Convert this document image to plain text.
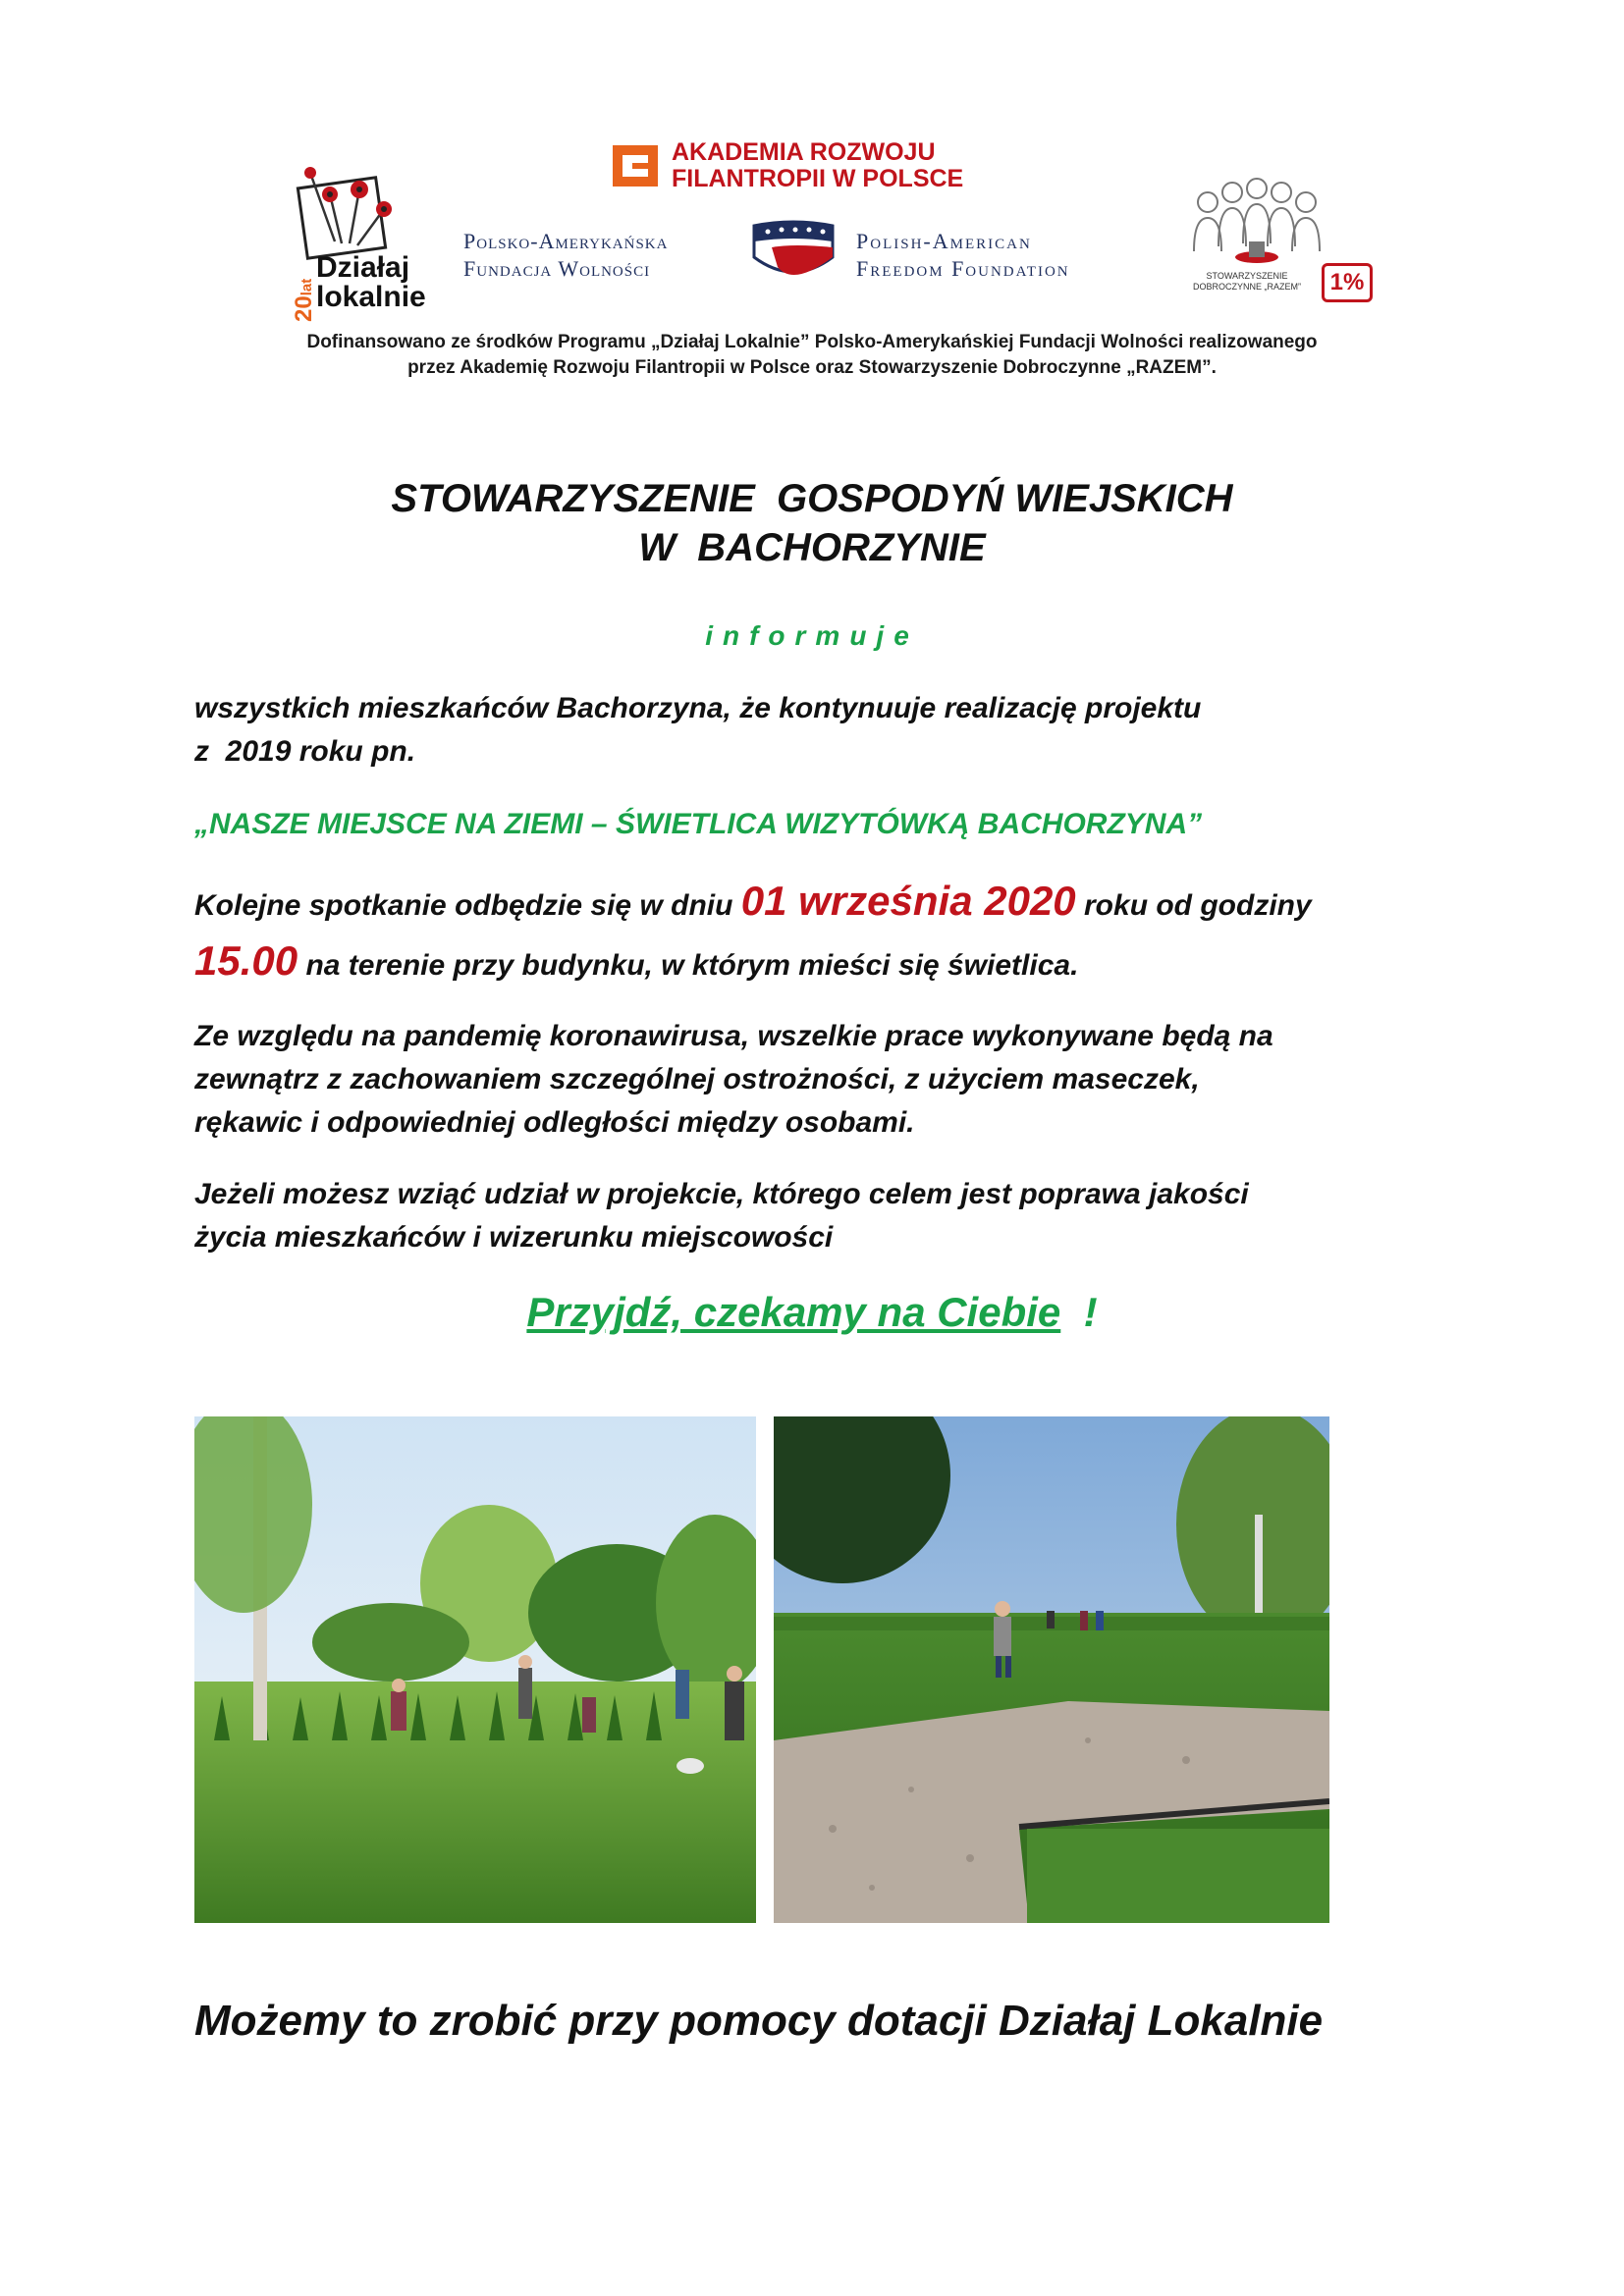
20lat
Działaj
lokalnie
AKADEMIA ROZWOJU
FILANTROPII W POLSCE
Polsko-Amerykańska
Fundacja Wolności
Polish-American
Freedom Foundation	STOWARZYSZENIE
DOBROCZYNNE „RAZEM”	1%
Dofinansowano ze środków Programu „Działaj Lokalnie” Polsko-Amerykańskiej Fundacji Wolności realizowanego
przez Akademię Rozwoju Filantropii w Polsce oraz Stowarzyszenie Dobroczynne „RAZEM”.
STOWARZYSZENIE  GOSPODYŃ WIEJSKICH
W  BACHORZYNIE
informuje
wszystkich mieszkańców Bachorzyna, że kontynuuje realizację projektu
z  2019 roku pn.
„NASZE MIEJSCE NA ZIEMI – ŚWIETLICA WIZYTÓWKĄ BACHORZYNA”
Kolejne spotkanie odbędzie się w dniu 01 września 2020 roku od godziny
15.00 na terenie przy budynku, w którym mieści się świetlica.
Ze względu na pandemię koronawirusa, wszelkie prace wykonywane będą na
zewnątrz z zachowaniem szczególnej ostrożności, z użyciem maseczek,
rękawic i odpowiedniej odległości między osobami.
Jeżeli możesz wziąć udział w projekcie, którego celem jest poprawa jakości
życia mieszkańców i wizerunku miejscowości
Przyjdź, czekamy na Ciebie !
Możemy to zrobić przy pomocy dotacji Działaj Lokalnie
